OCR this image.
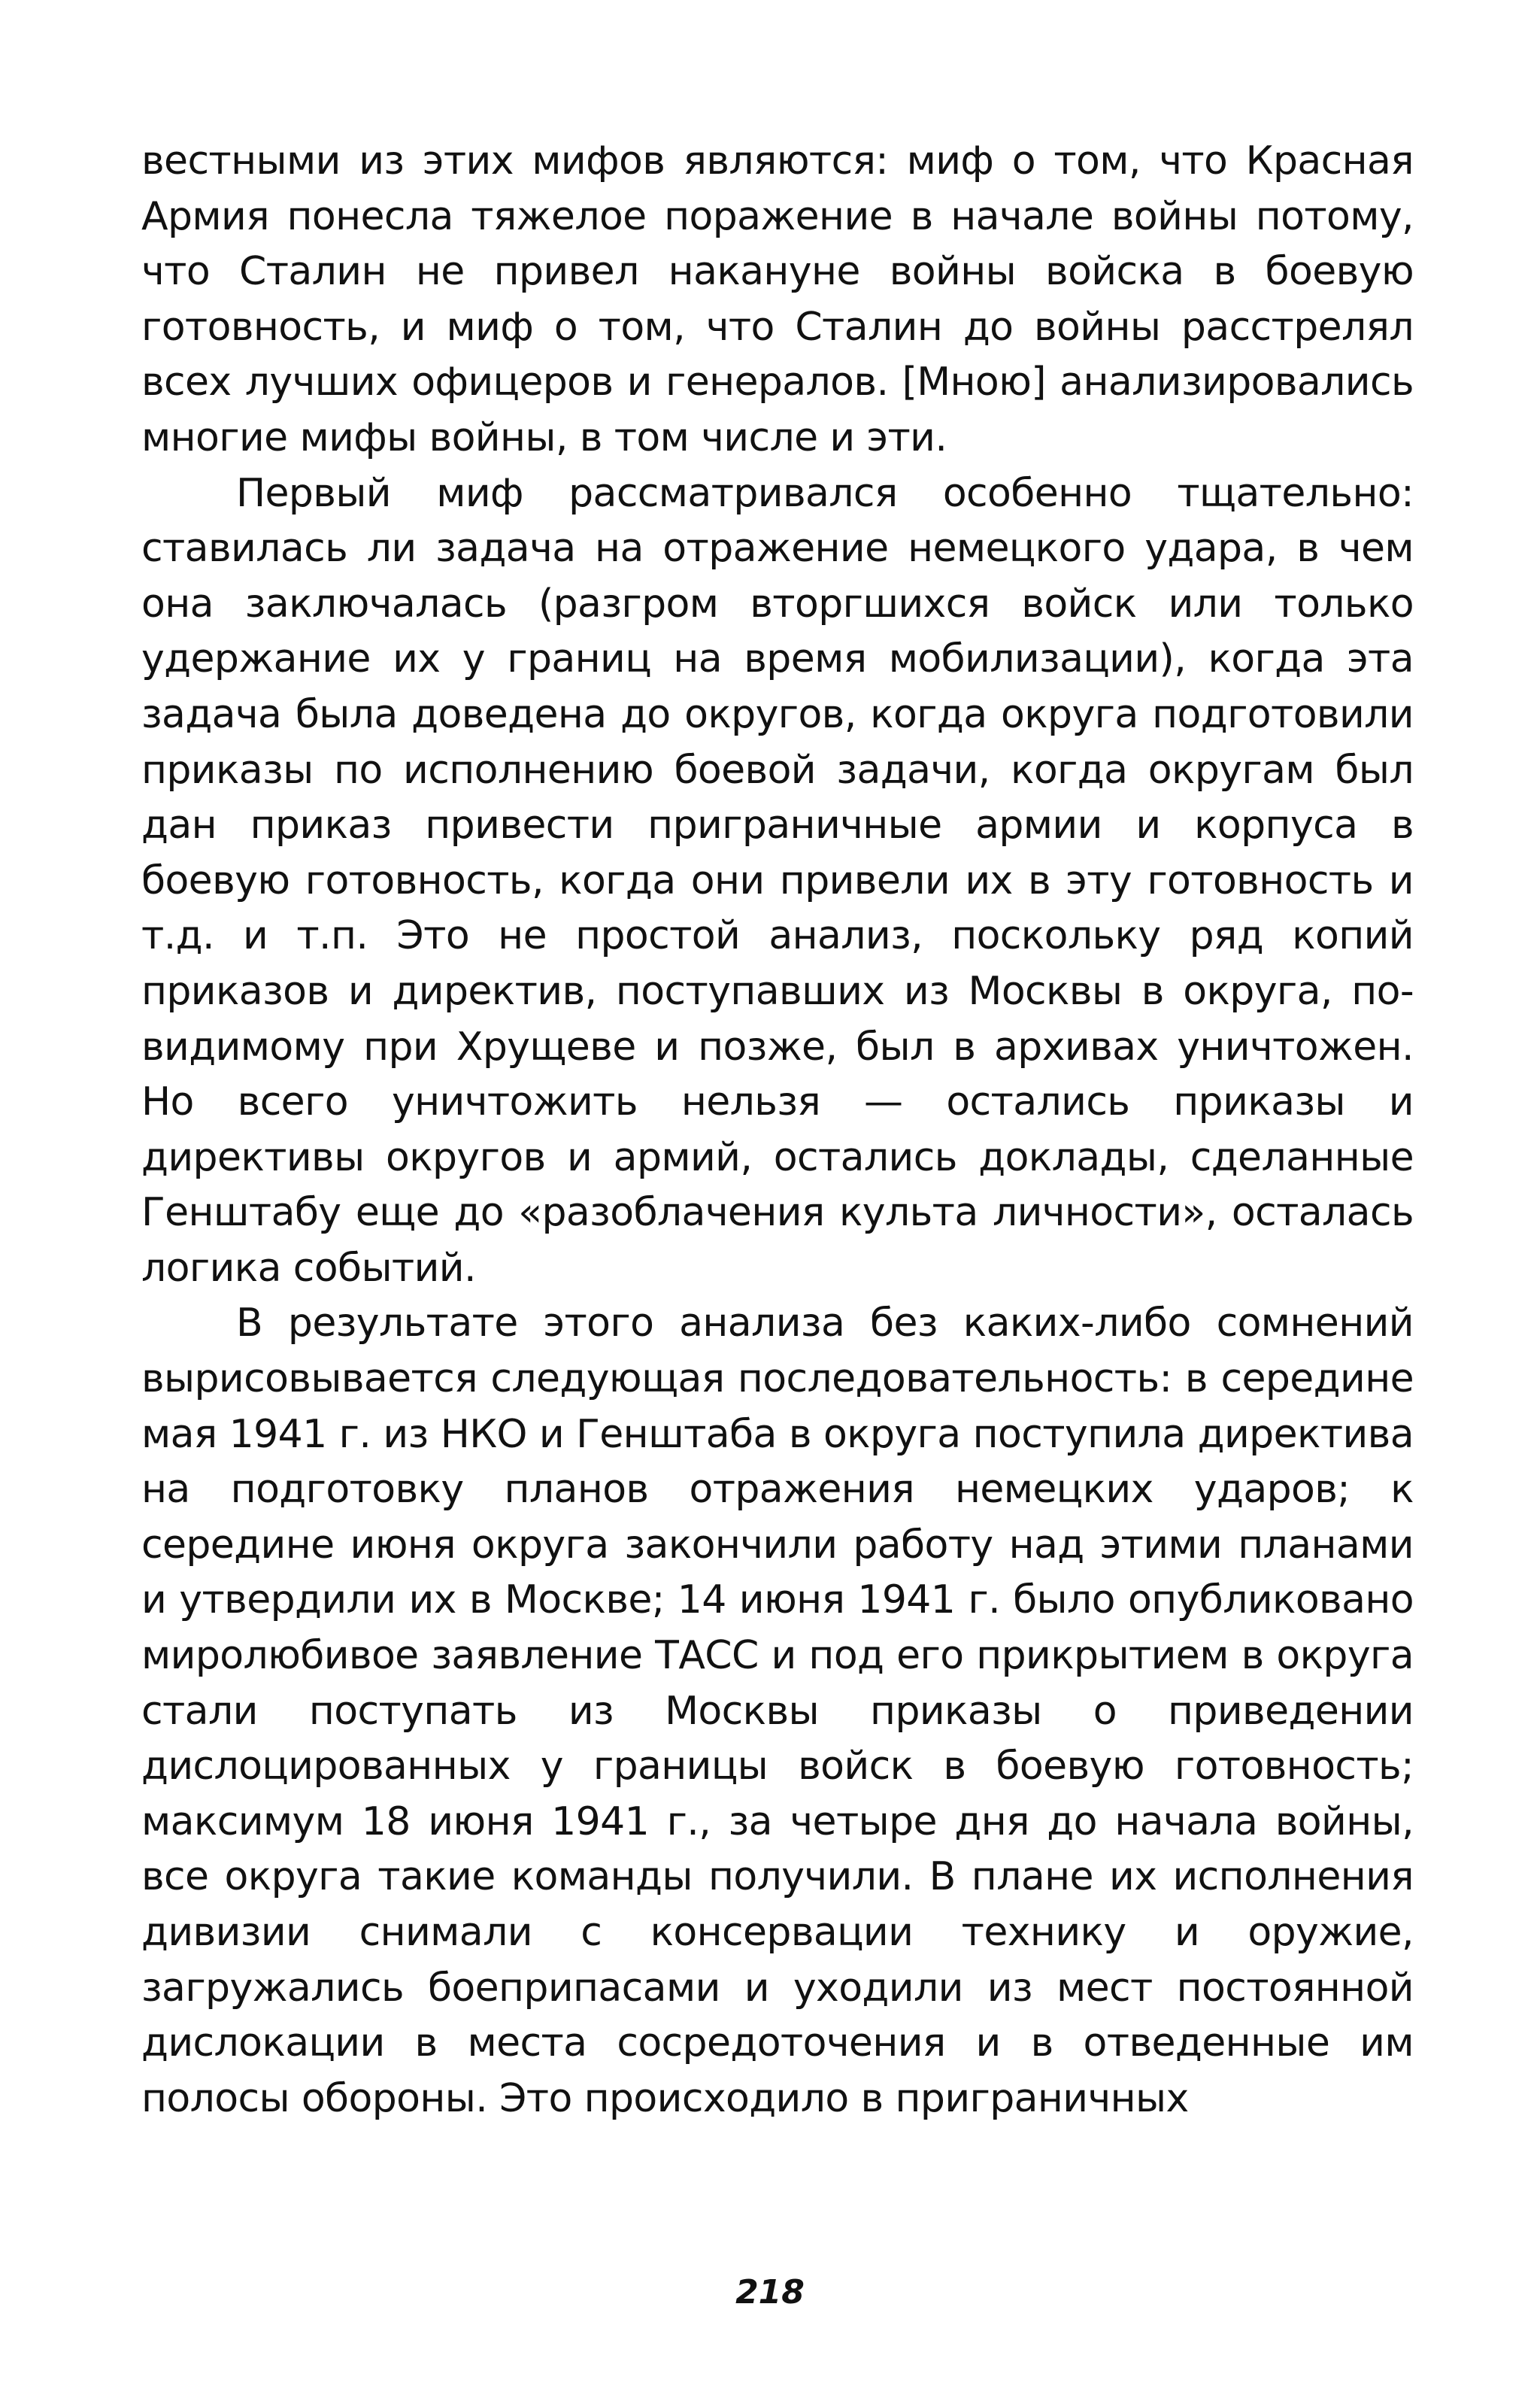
вестными из этих мифов являются: миф о том, что Красная Армия понесла тяжелое поражение в начале войны потому, что Сталин не привел накануне войны войска в боевую готовность, и миф о том, что Сталин до войны расстрелял всех лучших офицеров и генералов. [Мною] анализировались многие мифы войны, в том числе и эти.

Первый миф рассматривался особенно тщательно: ставилась ли задача на отражение немецкого удара, в чем она заключалась (разгром вторгшихся войск или только удержание их у границ на время мобилизации), когда эта задача была доведена до округов, когда округа подготовили приказы по исполнению боевой задачи, когда округам был дан приказ привести приграничные армии и корпуса в боевую готовность, когда они привели их в эту готовность и т.д. и т.п. Это не простой анализ, поскольку ряд копий приказов и директив, поступавших из Москвы в округа, по-видимому при Хрущеве и позже, был в архивах уничтожен. Но всего уничтожить нельзя — остались приказы и директивы округов и армий, остались доклады, сделанные Генштабу еще до «разоблачения культа личности», осталась логика событий.

В результате этого анализа без каких-либо сомнений вырисовывается следующая последовательность: в середине мая 1941 г. из НКО и Генштаба в округа поступила директива на подготовку планов отражения немецких ударов; к середине июня округа закончили работу над этими планами и утвердили их в Москве; 14 июня 1941 г. было опубликовано миролюбивое заявление ТАСС и под его прикрытием в округа стали поступать из Москвы приказы о приведении дислоцированных у границы войск в боевую готовность; максимум 18 июня 1941 г., за четыре дня до начала войны, все округа такие команды получили. В плане их исполнения дивизии снимали с консервации технику и оружие, загружались боеприпасами и уходили из мест постоянной дислокации в места сосредоточения и в отведенные им полосы обороны. Это происходило в приграничных

218
